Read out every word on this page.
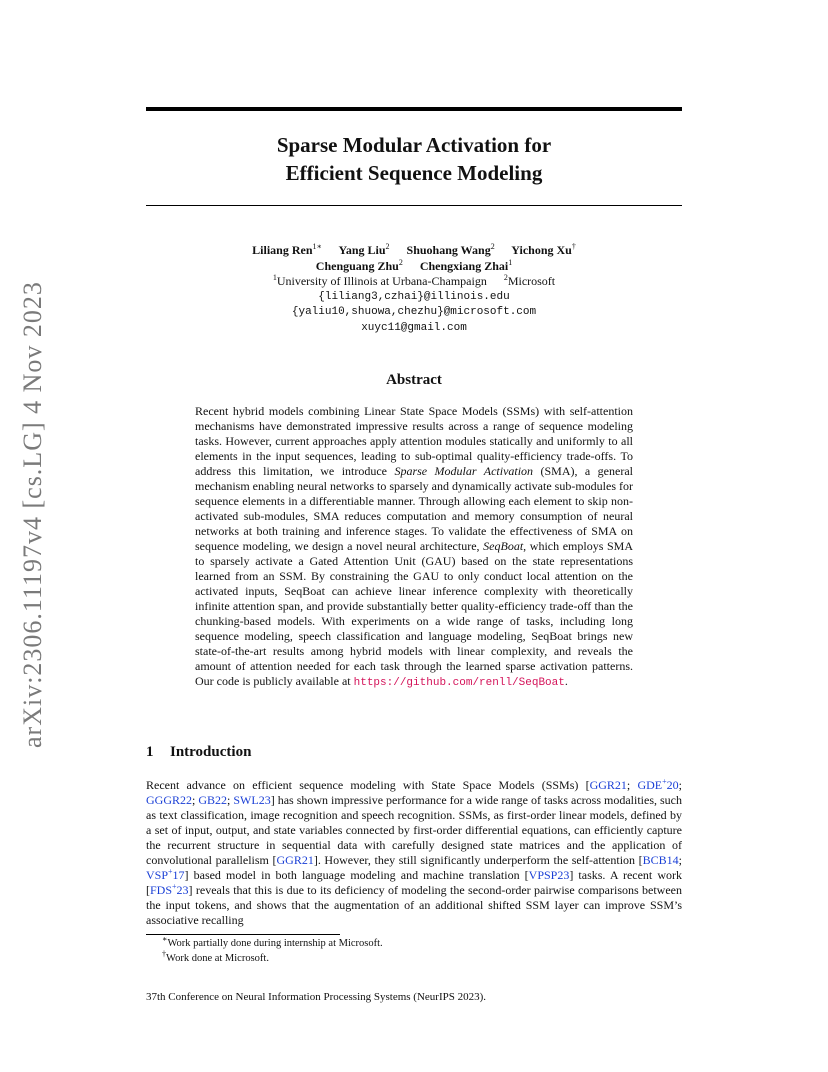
arXiv:2306.11197v4 [cs.LG] 4 Nov 2023
Sparse Modular Activation for
Efficient Sequence Modeling
Liliang Ren$^{1∗}$ Yang Liu$^2$ Shuohang Wang$^2$ Yichong Xu†
Chenguang Zhu$^2$ Chengxiang Zhai$^1$
$^1$University of Illinois at Urbana-Champaign $^2$Microsoft
{liliang3,czhai}@illinois.edu
{yaliu10,shuowa,chezhu}@microsoft.com
xuyc11@gmail.com
Abstract
Recent hybrid models combining Linear State Space Models (SSMs) with self-attention mechanisms have demonstrated impressive results across a range of sequence modeling tasks. However, current approaches apply attention modules statically and uniformly to all elements in the input sequences, leading to sub-optimal quality-efficiency trade-offs. To address this limitation, we introduce Sparse Modular Activation (SMA), a general mechanism enabling neural networks to sparsely and dynamically activate sub-modules for sequence elements in a differentiable manner. Through allowing each element to skip non-activated sub-modules, SMA reduces computation and memory consumption of neural networks at both training and inference stages. To validate the effectiveness of SMA on sequence modeling, we design a novel neural architecture, SeqBoat, which employs SMA to sparsely activate a Gated Attention Unit (GAU) based on the state representations learned from an SSM. By constraining the GAU to only conduct local attention on the activated inputs, SeqBoat can achieve linear inference complexity with theoretically infinite attention span, and provide substantially better quality-efficiency trade-off than the chunking-based models. With experiments on a wide range of tasks, including long sequence modeling, speech classification and language modeling, SeqBoat brings new state-of-the-art results among hybrid models with linear complexity, and reveals the amount of attention needed for each task through the learned sparse activation patterns. Our code is publicly available at https://github.com/renll/SeqBoat.
1 Introduction
Recent advance on efficient sequence modeling with State Space Models (SSMs) [GGR21; GDE+20; GGGR22; GB22; SWL23] has shown impressive performance for a wide range of tasks across modalities, such as text classification, image recognition and speech recognition. SSMs, as first-order linear models, defined by a set of input, output, and state variables connected by first-order differential equations, can efficiently capture the recurrent structure in sequential data with carefully designed state matrices and the application of convolutional parallelism [GGR21]. However, they still significantly underperform the self-attention [BCB14; VSP+17] based model in both language modeling and machine translation [VPSP23] tasks. A recent work [FDS+23] reveals that this is due to its deficiency of modeling the second-order pairwise comparisons between the input tokens, and shows that the augmentation of an additional shifted SSM layer can improve SSM’s associative recalling
∗Work partially done during internship at Microsoft.
†Work done at Microsoft.
37th Conference on Neural Information Processing Systems (NeurIPS 2023).
